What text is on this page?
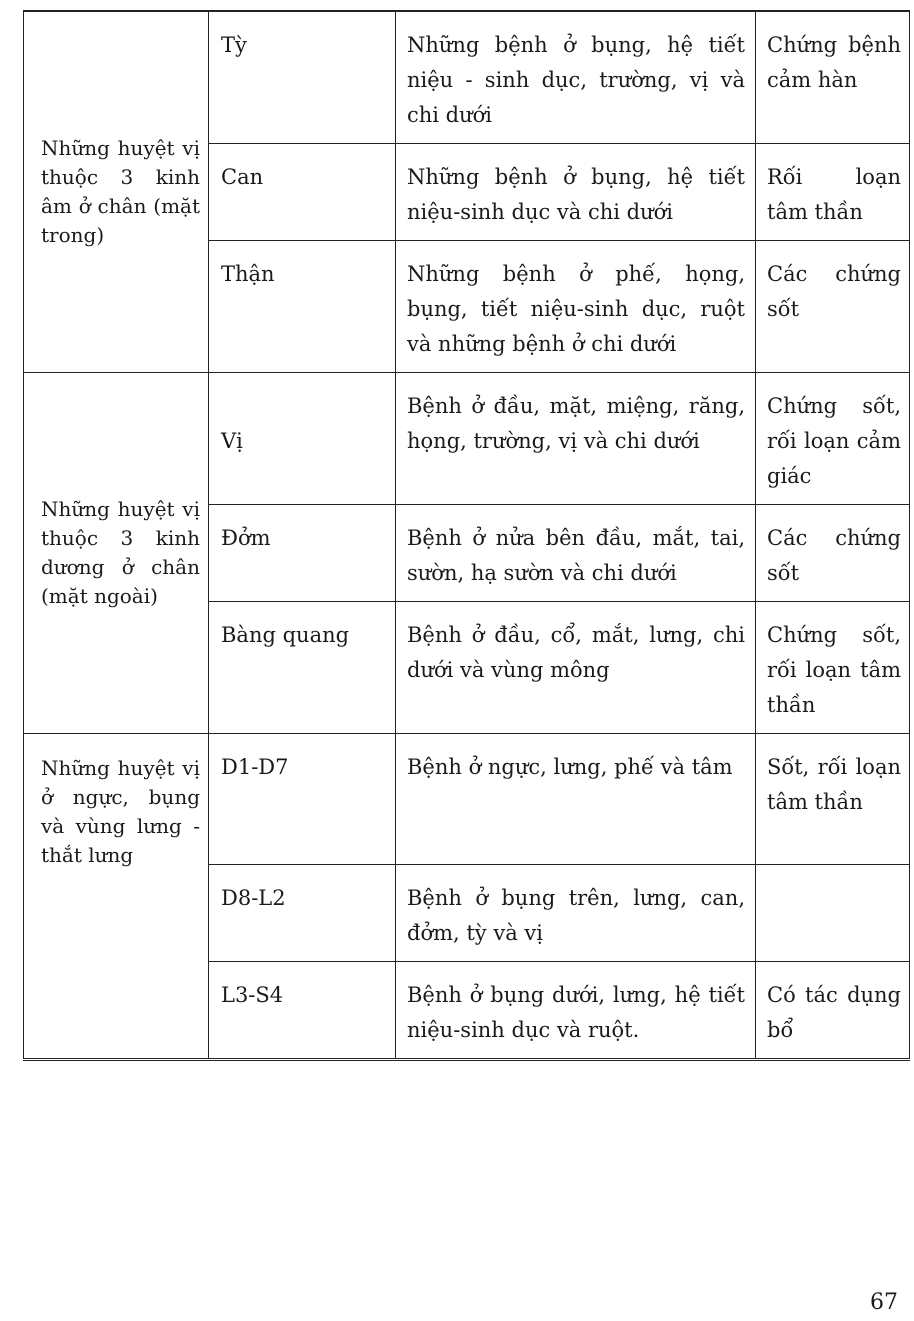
Những huyệt vị thuộc 3 kinh âm ở chân (mặt trong)	Tỳ	Những bệnh ở bụng, hệ tiết niệu - sinh dục, trường, vị và chi dưới	Chứng bệnh cảm hàn
	Can	Những bệnh ở bụng, hệ tiết niệu-sinh dục và chi dưới	Rối loạn tâm thần
	Thận	Những bệnh ở phế, họng, bụng, tiết niệu-sinh dục, ruột và những bệnh ở chi dưới	Các chứng sốt
Những huyệt vị thuộc 3 kinh dương ở chân (mặt ngoài)	Vị	Bệnh ở đầu, mặt, miệng, răng, họng, trường, vị và chi dưới	Chứng sốt, rối loạn cảm giác
	Đởm	Bệnh ở nửa bên đầu, mắt, tai, sườn, hạ sườn và chi dưới	Các chứng sốt
	Bàng quang	Bệnh ở đầu, cổ, mắt, lưng, chi dưới và vùng mông	Chứng sốt, rối loạn tâm thần
Những huyệt vị ở ngực, bụng và vùng lưng - thắt lưng	D1-D7	Bệnh ở ngực, lưng, phế và tâm	Sốt, rối loạn tâm thần
	D8-L2	Bệnh ở bụng trên, lưng, can, đởm, tỳ và vị	
	L3-S4	Bệnh ở bụng dưới, lưng, hệ tiết niệu-sinh dục và ruột.	Có tác dụng bổ
67
